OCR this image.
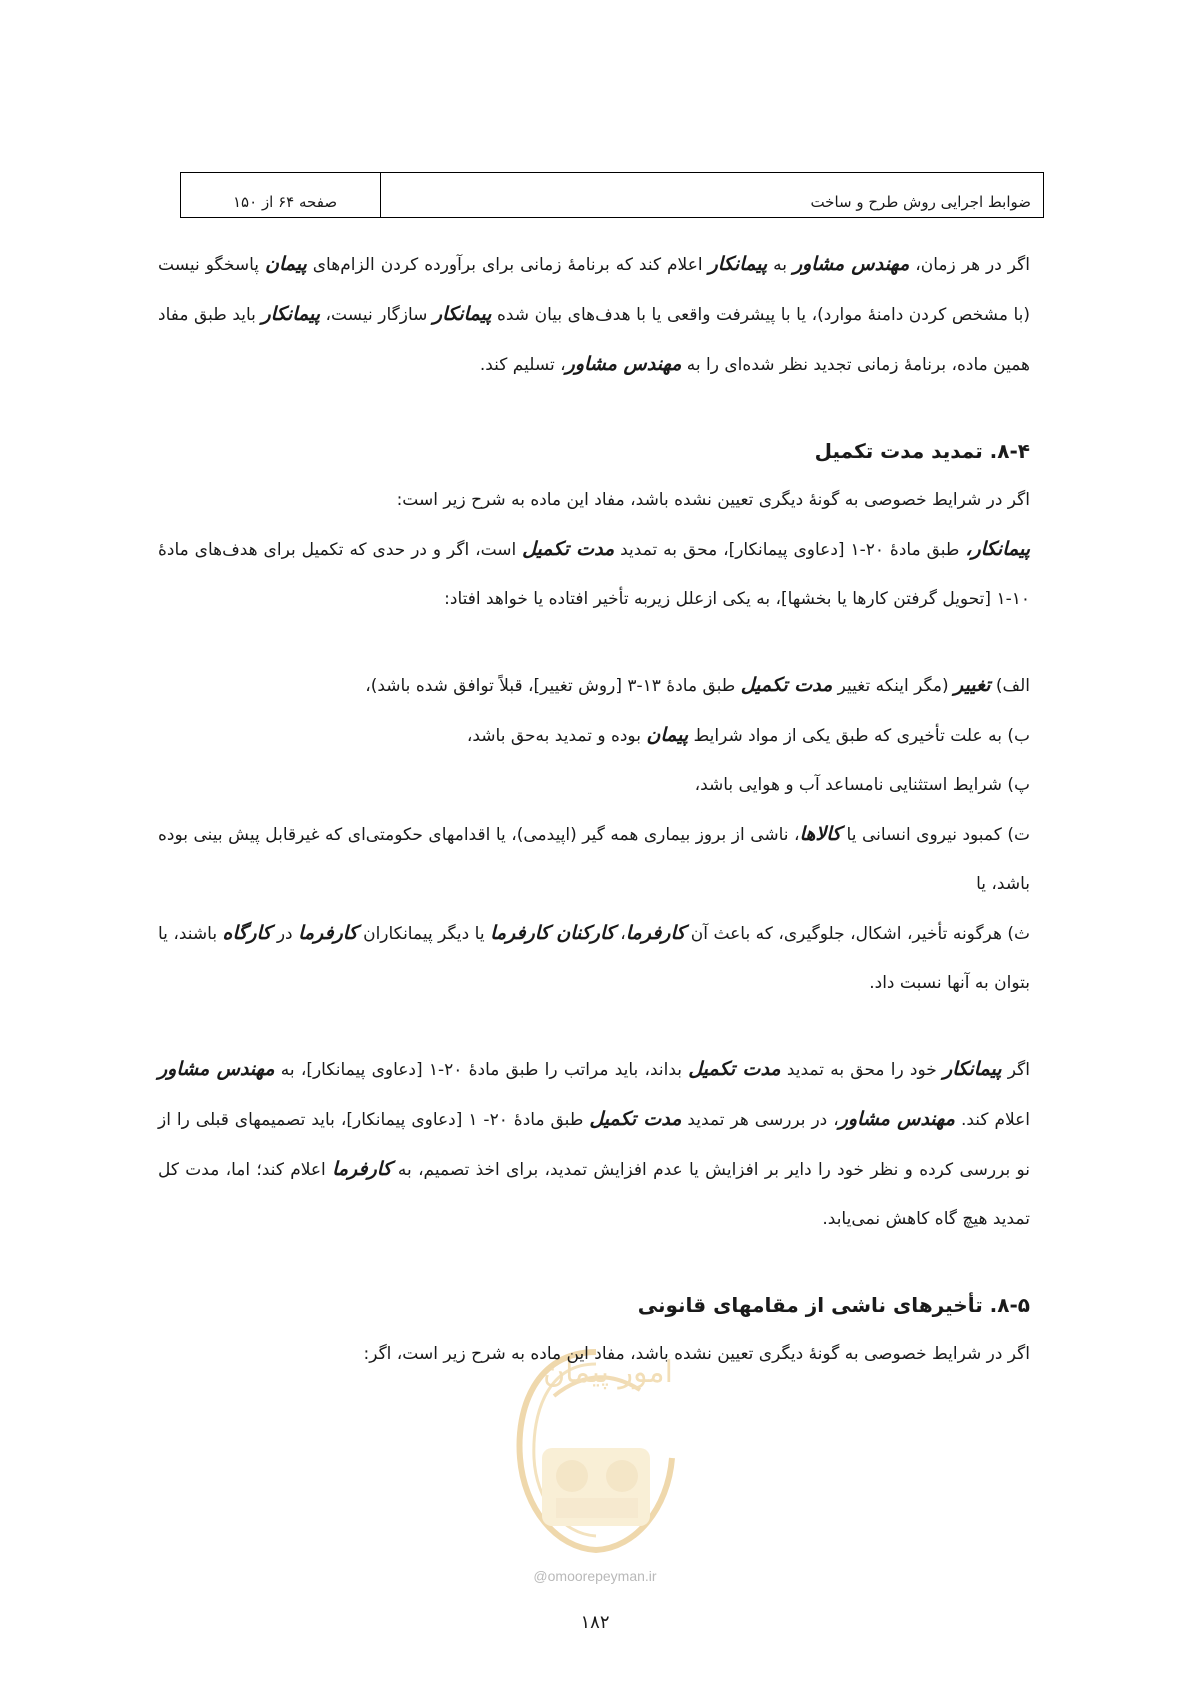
ضوابط اجرایی روش طرح و ساخت
صفحه ۶۴ از ۱۵۰
امور پیمان

اگر در هر زمان، مهندس مشاور به پیمانکار اعلام کند که برنامۀ زمانی برای برآورده کردن الزام‌های پیمان پاسخگو نیست (با مشخص کردن دامنۀ موارد)، یا با پیشرفت واقعی یا با هدف‌های بیان شده پیمانکار سازگار نیست، پیمانکار باید طبق مفاد همین ماده، برنامۀ زمانی تجدید نظر شده‌ای را به مهندس مشاور، تسلیم کند.

۸-۴. تمدید مدت تکمیل

اگر در شرایط خصوصی به گونۀ دیگری تعیین نشده باشد، مفاد این ماده به شرح زیر است:

پیمانکار، طبق مادۀ ۲۰-۱ [دعاوی پیمانکار]، محق به تمدید مدت تکمیل است، اگر و در حدی که تکمیل برای هدف‌های مادۀ ۱۰-۱ [تحویل گرفتن کارها یا بخشها]، به یکی ازعلل زیربه تأخیر افتاده یا خواهد افتاد:

الف) تغییر (مگر اینکه تغییر مدت تکمیل طبق مادۀ ۱۳-۳ [روش تغییر]، قبلاً توافق شده باشد)،

ب) به علت تأخیری که طبق یکی از مواد شرایط پیمان بوده و تمدید به‌حق باشد،

پ) شرایط استثنایی نامساعد آب و هوایی باشد،

ت) کمبود نیروی انسانی یا کالاها، ناشی از بروز بیماری همه گیر (اپیدمی)، یا اقدامهای حکومتی‌ای که غیرقابل پیش بینی بوده باشد، یا

ث) هرگونه تأخیر، اشکال، جلوگیری، که باعث آن کارفرما، کارکنان کارفرما یا دیگر پیمانکاران کارفرما در کارگاه باشند، یا بتوان به آنها نسبت داد.

اگر پیمانکار خود را محق به تمدید مدت تکمیل بداند، باید مراتب را طبق مادۀ ۲۰-۱ [دعاوی پیمانکار]، به مهندس مشاور اعلام کند. مهندس مشاور، در بررسی هر تمدید مدت تکمیل طبق مادۀ ۲۰- ۱ [دعاوی پیمانکار]، باید تصمیمهای قبلی را از نو بررسی کرده و نظر خود را دایر بر افزایش یا عدم افزایش تمدید، برای اخذ تصمیم، به کارفرما اعلام کند؛ اما، مدت کل تمدید هیچ گاه کاهش نمی‌یابد.

۸-۵. تأخیرهای ناشی از مقامهای قانونی

اگر در شرایط خصوصی به گونۀ دیگری تعیین نشده باشد، مفاد این ماده به شرح زیر است، اگر:

@omoorepeyman.ir
۱۸۲
